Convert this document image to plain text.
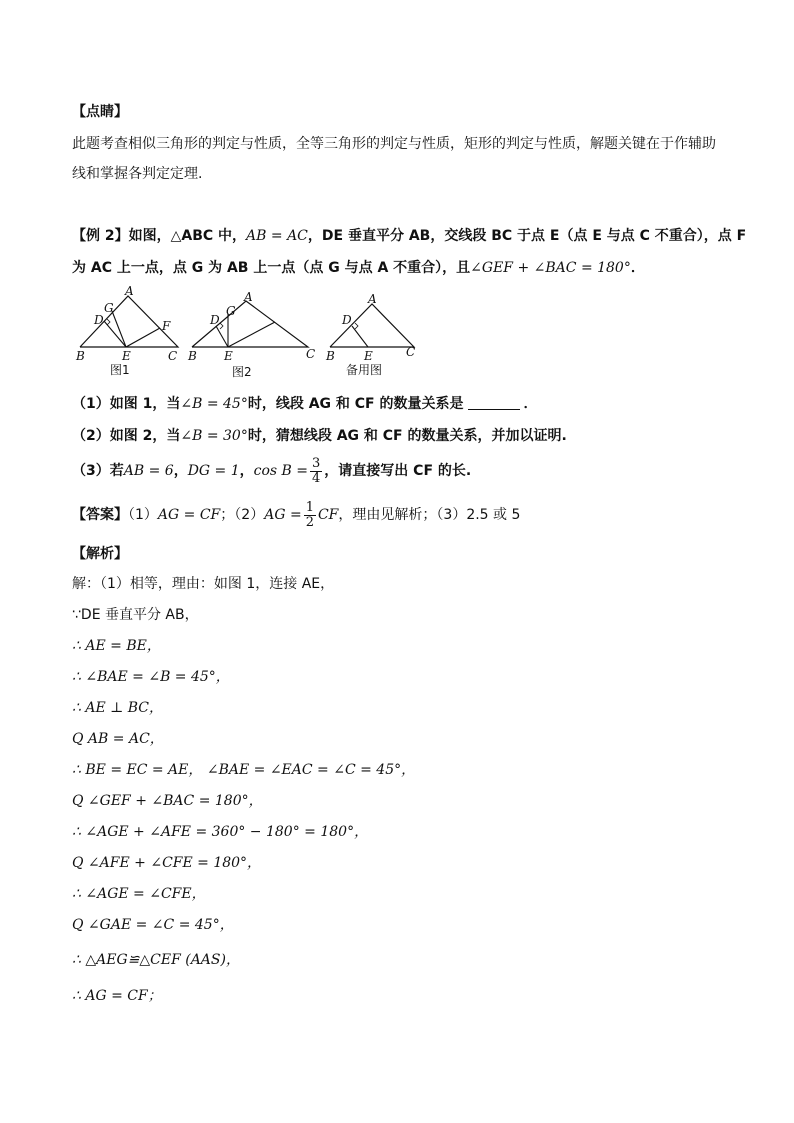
【点睛】
此题考查相似三角形的判定与性质，全等三角形的判定与性质，矩形的判定与性质，解题关键在于作辅助
线和掌握各判定定理.
【例 2】如图，△ABC 中，AB = AC，DE 垂直平分 AB，交线段 BC 于点 E（点 E 与点 C 不重合），点 F
为 AC 上一点，点 G 为 AB 上一点（点 G 与点 A 不重合），且∠GEF + ∠BAC = 180°．
A
G
D	F
B	E	C
图1
A
G
D
B E	C
图2
A
D
B E	C
备用图
（1）如图 1，当∠B = 45°时，线段 AG 和 CF 的数量关系是	．
（2）如图 2，当∠B = 30°时，猜想线段 AG 和 CF 的数量关系，并加以证明.
（3）若AB = 6，DG = 1，$\cos B = \frac{3}{4}$ ，请直接写出 CF 的长.
【答案】（1）AG = CF；$(2)AG = \frac{1}{2}$ CF，理由见解析；（3）2.5 或 5
【解析】
解：（1）相等，理由：如图 1，连接 AE，
∵DE 垂直平分 AB，
∴ AE = BE，
∴ ∠BAE = ∠B = 45°，
∴ AE ⊥ BC，
Q AB = AC，
∴ BE = EC = AE， ∠BAE = ∠EAC = ∠C = 45°，
Q ∠GEF + ∠BAC = 180°，
∴ ∠AGE + ∠AFE = 360° − 180° = 180°，
Q ∠AFE + ∠CFE = 180°，
∴ ∠AGE = ∠CFE，
Q ∠GAE = ∠C = 45°，
∴ △AEG≌△CEF (AAS)，
∴ AG = CF；
